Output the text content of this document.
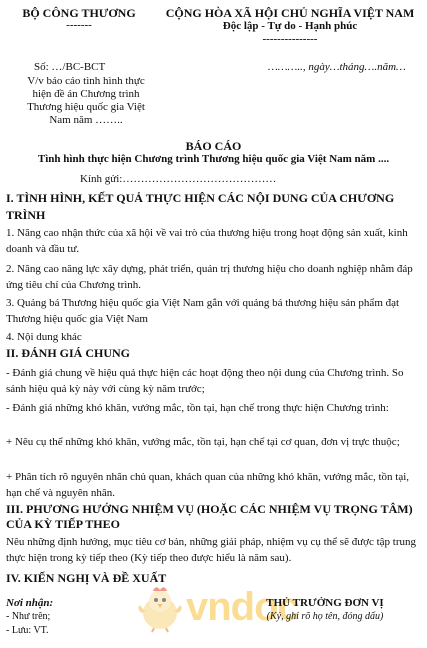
BỘ CÔNG THƯƠNG
-------
CỘNG HÒA XÃ HỘI CHỦ NGHĨA VIỆT NAM
Độc lập - Tự do - Hạnh phúc
---------------
Số: …/BC-BCT	……….., ngày…tháng….năm…
V/v báo cáo tình hình thực
hiện đề án Chương trình
Thương hiệu quốc gia Việt
Nam năm ……..
BÁO CÁO
Tình hình thực hiện Chương trình Thương hiệu quốc gia Việt Nam năm ....
Kính gửi:……………………………………
I. TÌNH HÌNH, KẾT QUẢ THỰC HIỆN CÁC NỘI DUNG CỦA CHƯƠNG TRÌNH
1. Nâng cao nhận thức của xã hội về vai trò của thương hiệu trong hoạt động sản xuất, kinh doanh và đầu tư.
2. Nâng cao năng lực xây dựng, phát triển, quản trị thương hiệu cho doanh nghiệp nhằm đáp ứng tiêu chí của Chương trình.
3. Quảng bá Thương hiệu quốc gia Việt Nam gắn với quảng bá thương hiệu sản phẩm đạt Thương hiệu quốc gia Việt Nam
4. Nội dung khác
II. ĐÁNH GIÁ CHUNG
- Đánh giá chung về hiệu quả thực hiện các hoạt động theo nội dung của Chương trình. So sánh hiệu quả kỳ này với cùng kỳ năm trước;
- Đánh giá những khó khăn, vướng mắc, tồn tại, hạn chế trong thực hiện Chương trình:
+ Nêu cụ thể những khó khăn, vướng mắc, tồn tại, hạn chế tại cơ quan, đơn vị trực thuộc;
+ Phân tích rõ nguyên nhân chủ quan, khách quan của những khó khăn, vướng mắc, tồn tại, hạn chế và nguyên nhân.
III. PHƯƠNG HƯỚNG NHIỆM VỤ (HOẶC CÁC NHIỆM VỤ TRỌNG TÂM) CỦA KỲ TIẾP THEO
Nêu những định hướng, mục tiêu cơ bản, những giải pháp, nhiệm vụ cụ thể sẽ được tập trung thực hiện trong kỳ tiếp theo (Kỳ tiếp theo được hiểu là năm sau).
IV. KIẾN NGHỊ VÀ ĐỀ XUẤT
vndoc
Nơi nhận:
- Như trên;
- Lưu: VT.
THỦ TRƯỞNG ĐƠN VỊ
(Ký, ghi rõ họ tên, đóng dấu)
